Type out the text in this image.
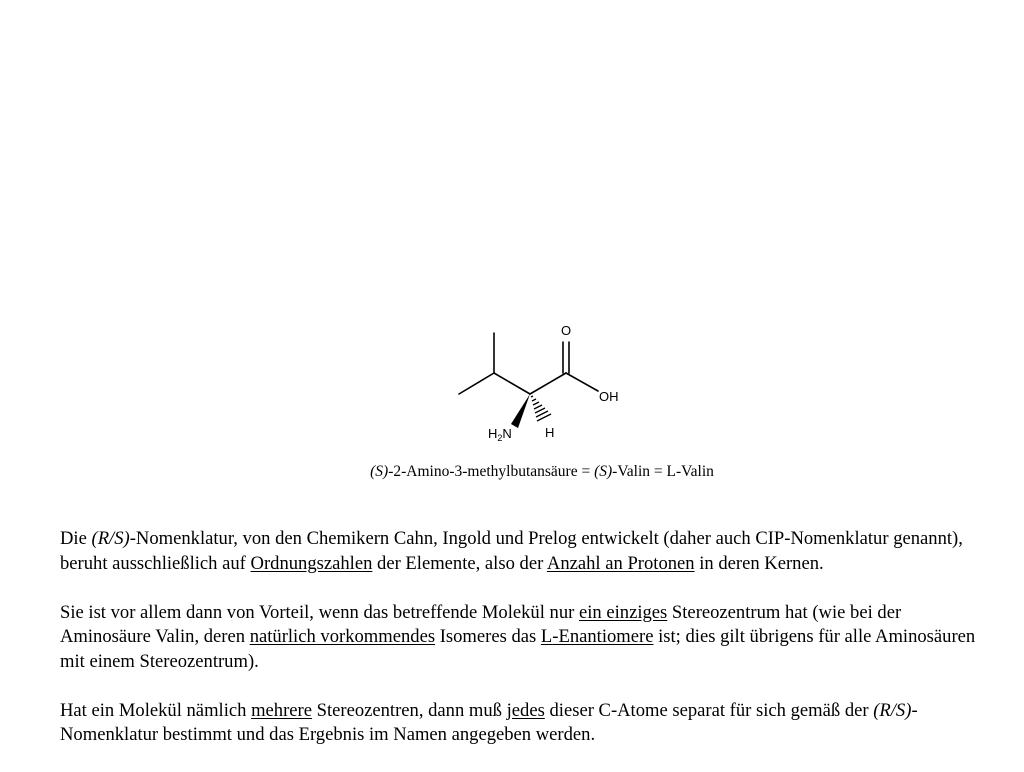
O
OH
$H_2N$	H
(S)-2-Amino-3-methylbutansäure = (S)-Valin = L-Valin

Die (R/S)-Nomenklatur, von den Chemikern Cahn, Ingold und Prelog entwickelt (daher auch CIP-Nomenklatur genannt), beruht ausschließlich auf Ordnungszahlen der Elemente, also der Anzahl an Protonen in deren Kernen.

Sie ist vor allem dann von Vorteil, wenn das betreffende Molekül nur ein einziges Stereozentrum hat (wie bei der Aminosäure Valin, deren natürlich vorkommendes Isomeres das L-Enantiomere ist; dies gilt übrigens für alle Aminosäuren mit einem Stereozentrum).

Hat ein Molekül nämlich mehrere Stereozentren, dann muß jedes dieser C-Atome separat für sich gemäß der (R/S)-Nomenklatur bestimmt und das Ergebnis im Namen angegeben werden.
